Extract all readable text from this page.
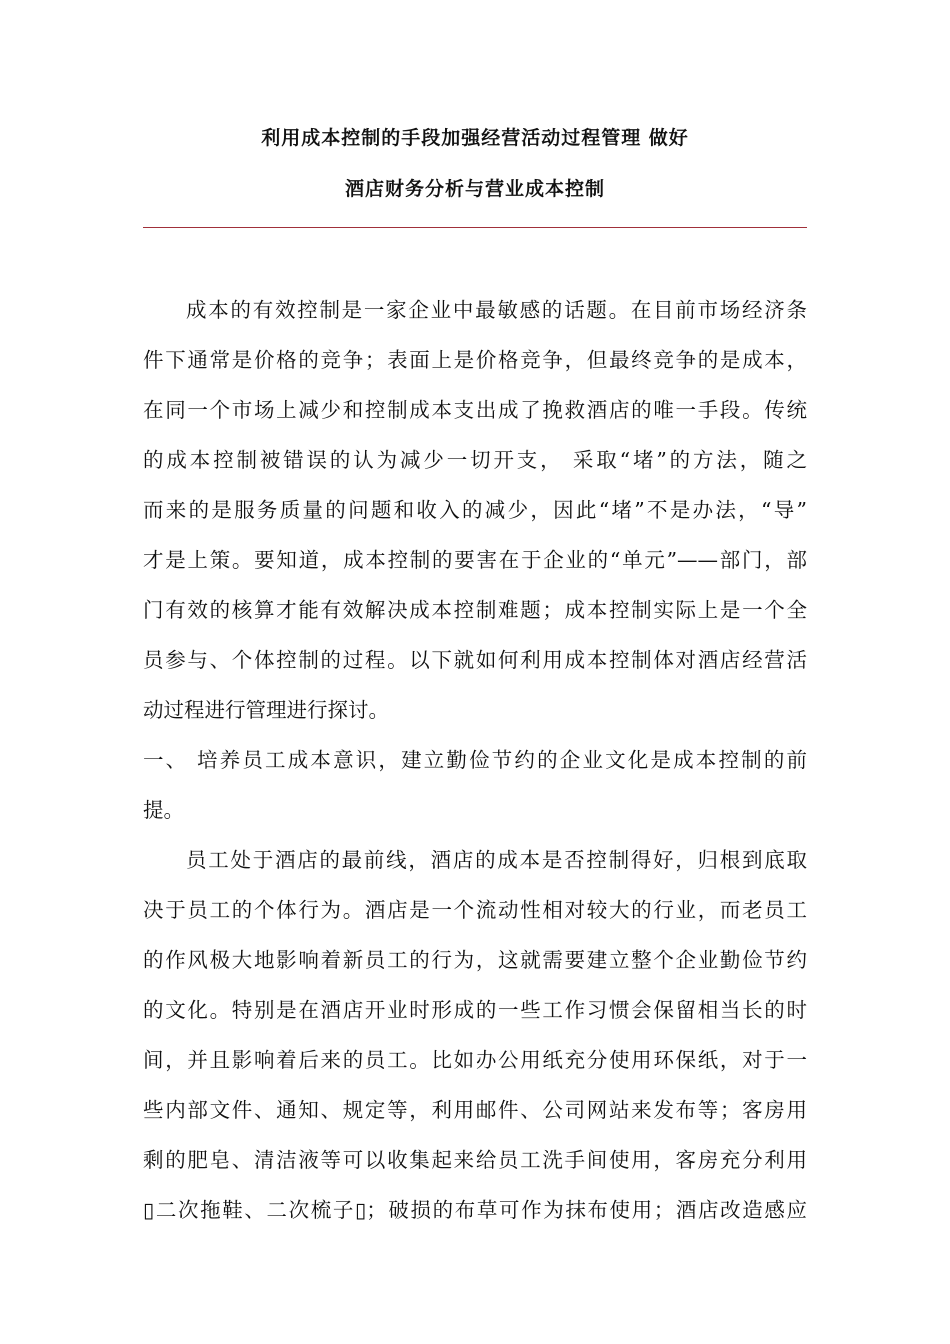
利用成本控制的手段加强经营活动过程管理 做好
酒店财务分析与营业成本控制
成本的有效控制是一家企业中最敏感的话题。在目前市场经济条
件下通常是价格的竞争；表面上是价格竞争，但最终竞争的是成本，
在同一个市场上减少和控制成本支出成了挽救酒店的唯一手段。传统
的成本控制被错误的认为减少一切开支， 采取“堵”的方法，随之
而来的是服务质量的问题和收入的减少，因此“堵”不是办法，“导”
才是上策。要知道，成本控制的要害在于企业的“单元”——部门，部
门有效的核算才能有效解决成本控制难题；成本控制实际上是一个全
员参与、个体控制的过程。以下就如何利用成本控制体对酒店经营活
动过程进行管理进行探讨。
一、 培养员工成本意识，建立勤俭节约的企业文化是成本控制的前
提。
员工处于酒店的最前线，酒店的成本是否控制得好，归根到底取
决于员工的个体行为。酒店是一个流动性相对较大的行业，而老员工
的作风极大地影响着新员工的行为，这就需要建立整个企业勤俭节约
的文化。特别是在酒店开业时形成的一些工作习惯会保留相当长的时
间，并且影响着后来的员工。比如办公用纸充分使用环保纸，对于一
些内部文件、通知、规定等，利用邮件、公司网站来发布等；客房用
剩的肥皂、清洁液等可以收集起来给员工洗手间使用，客房充分利用
▯二次拖鞋、二次梳子▯；破损的布草可作为抹布使用；酒店改造感应
